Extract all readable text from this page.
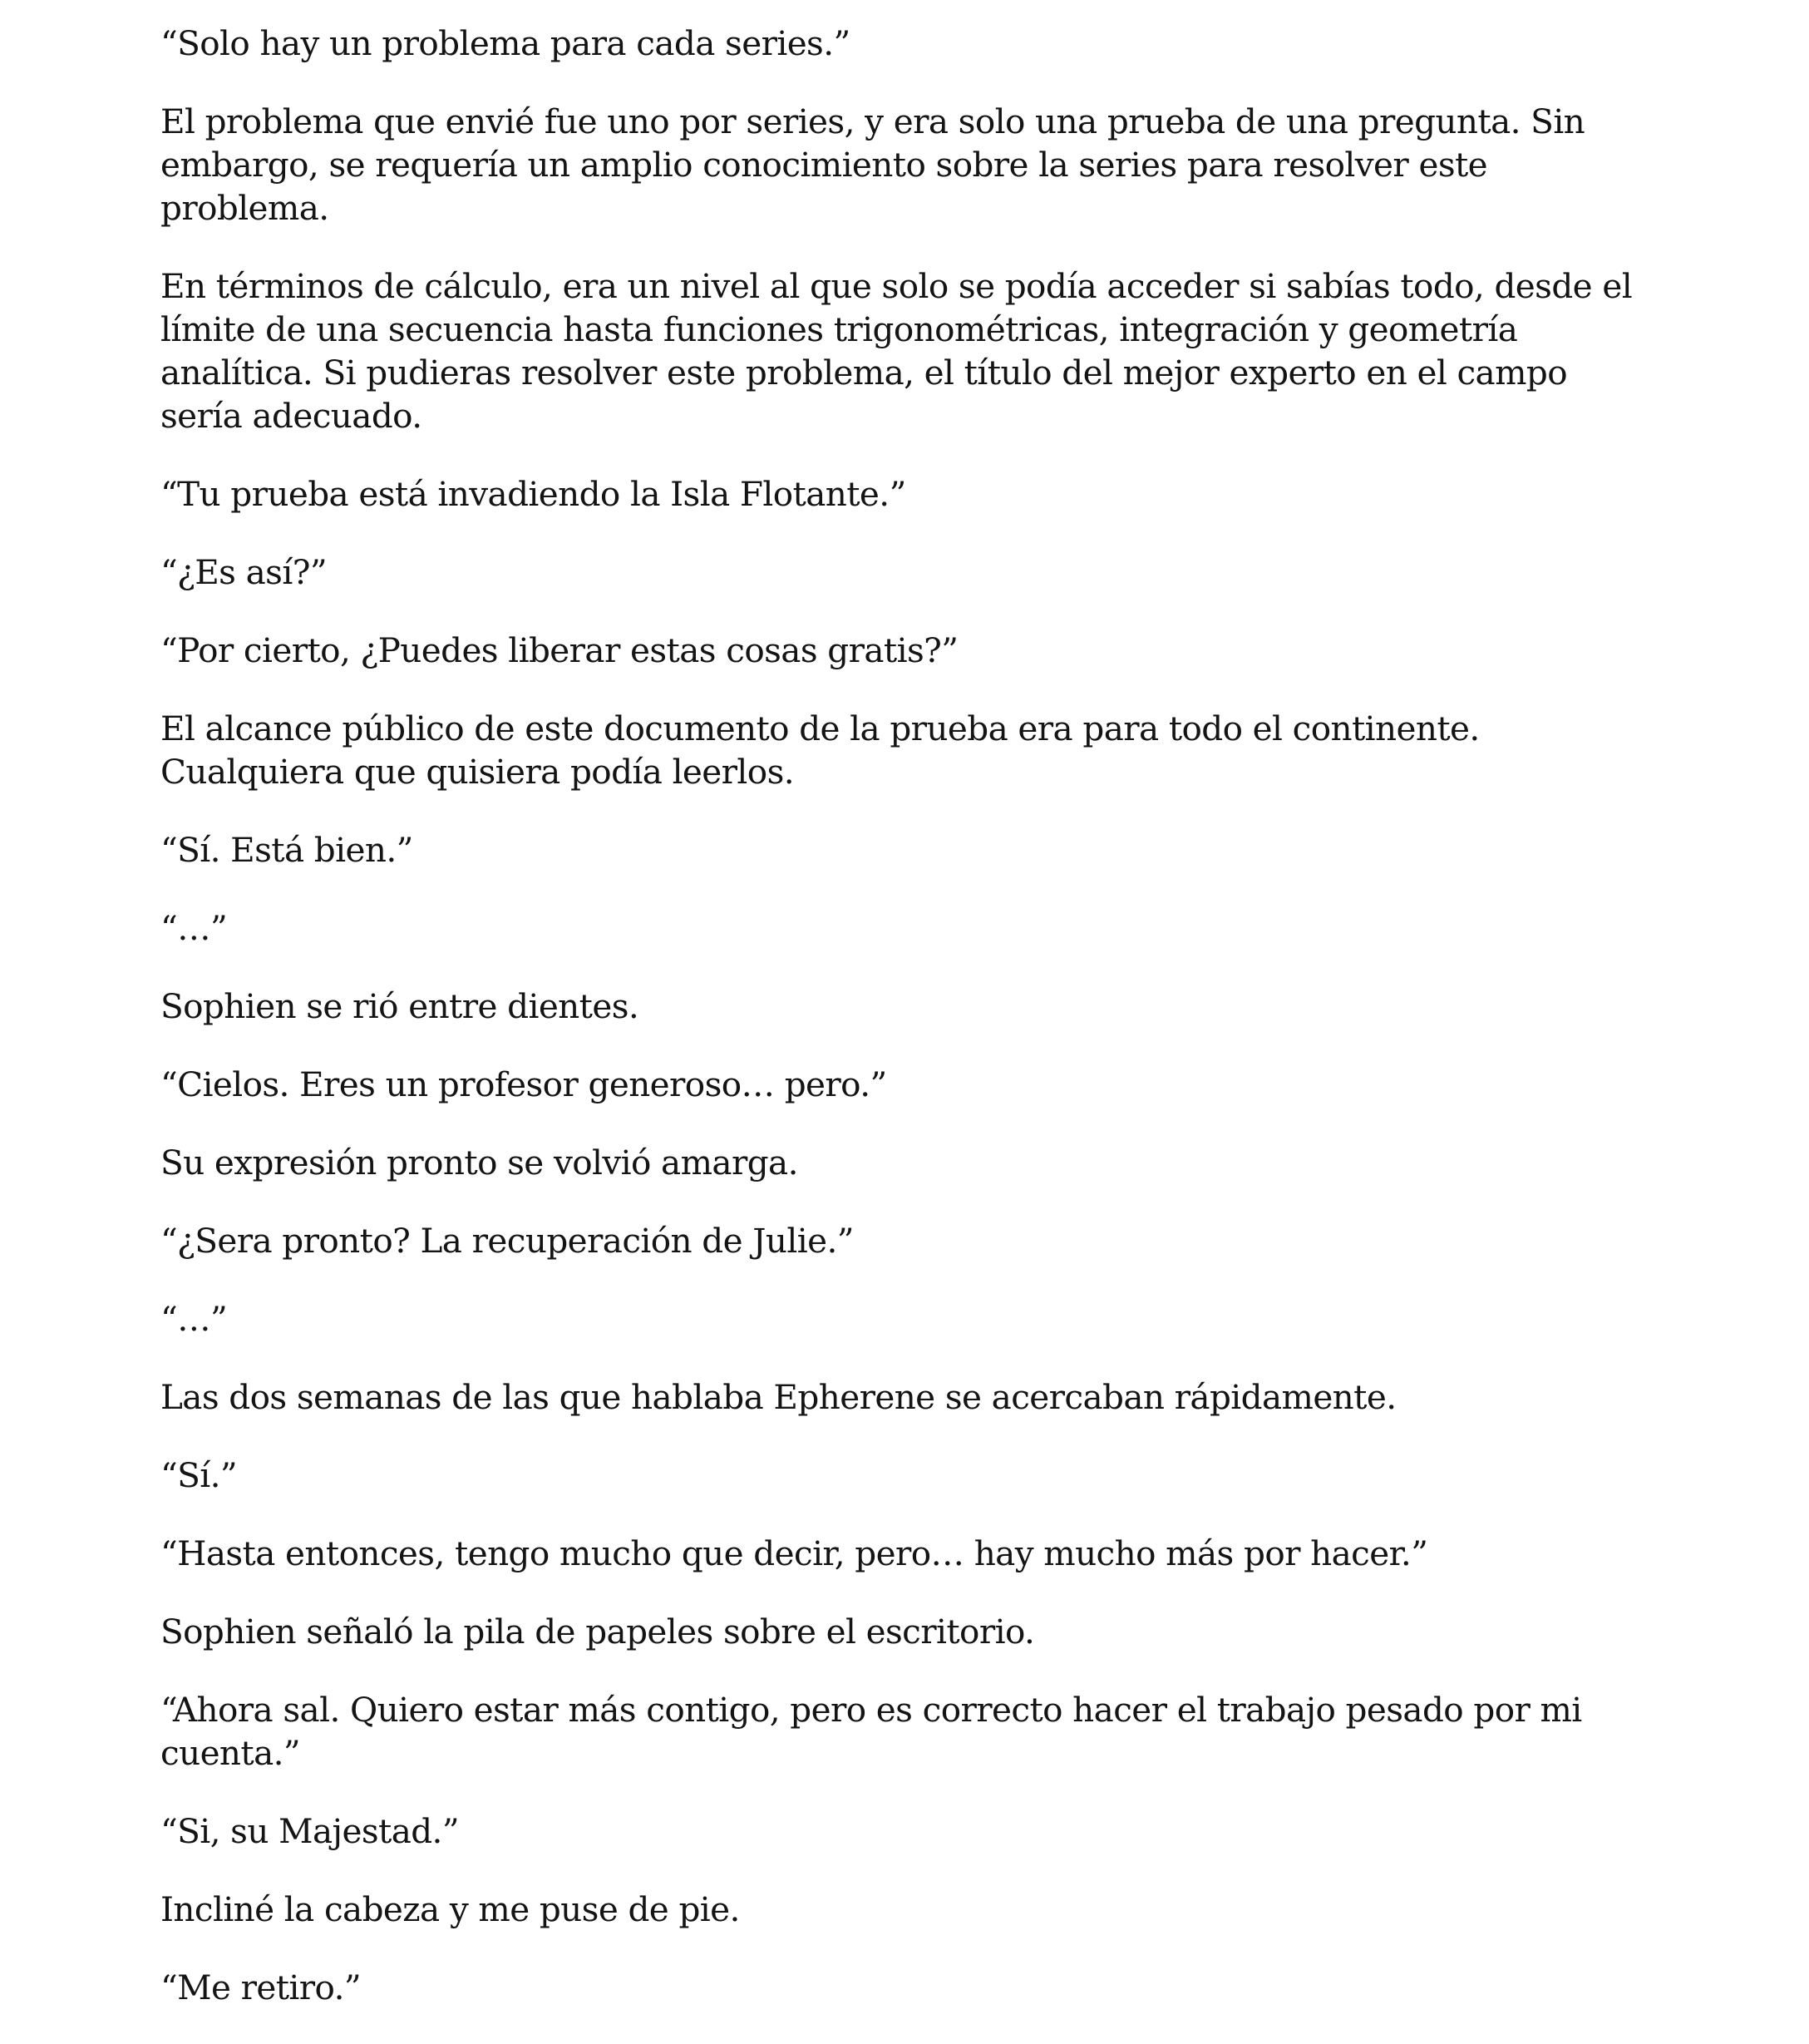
“Solo hay un problema para cada series.”

El problema que envié fue uno por series, y era solo una prueba de una pregunta. Sin embargo, se requería un amplio conocimiento sobre la series para resolver este problema.

En términos de cálculo, era un nivel al que solo se podía acceder si sabías todo, desde el límite de una secuencia hasta funciones trigonométricas, integración y geometría analítica. Si pudieras resolver este problema, el título del mejor experto en el campo sería adecuado.

“Tu prueba está invadiendo la Isla Flotante.”

“¿Es así?”

“Por cierto, ¿Puedes liberar estas cosas gratis?”

El alcance público de este documento de la prueba era para todo el continente. Cualquiera que quisiera podía leerlos.

“Sí. Está bien.”

“…”

Sophien se rió entre dientes.

“Cielos. Eres un profesor generoso… pero.”

Su expresión pronto se volvió amarga.

“¿Sera pronto? La recuperación de Julie.”

“…”

Las dos semanas de las que hablaba Epherene se acercaban rápidamente.

“Sí.”

“Hasta entonces, tengo mucho que decir, pero… hay mucho más por hacer.”

Sophien señaló la pila de papeles sobre el escritorio.

“Ahora sal. Quiero estar más contigo, pero es correcto hacer el trabajo pesado por mi cuenta.”

“Si, su Majestad.”

Incliné la cabeza y me puse de pie.

“Me retiro.”
